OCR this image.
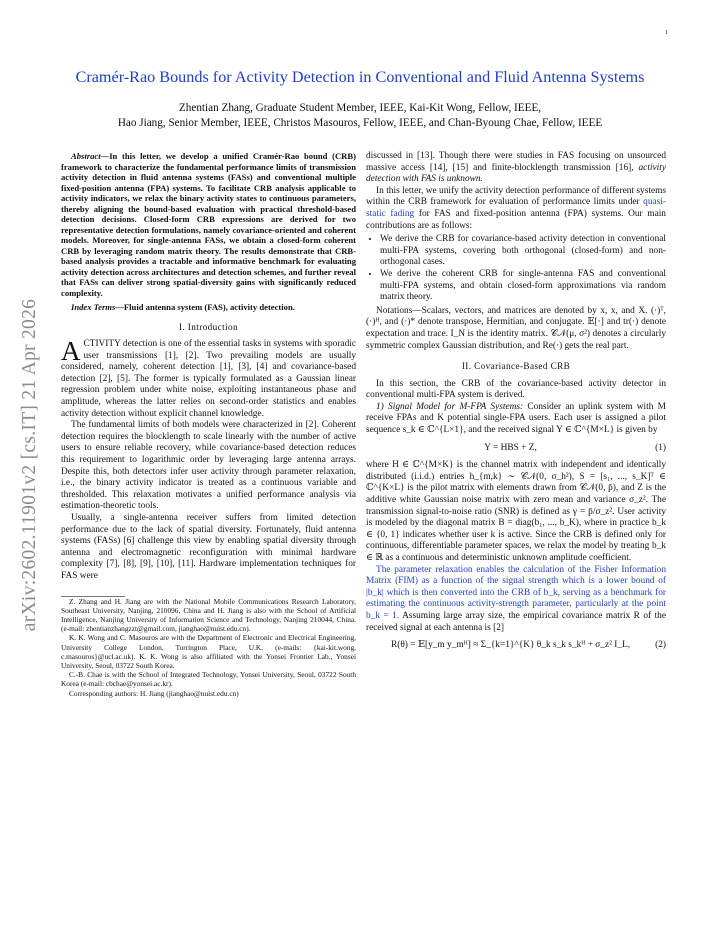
1
arXiv:2602.11901v2 [cs.IT] 21 Apr 2026
Cramér-Rao Bounds for Activity Detection in Conventional and Fluid Antenna Systems
Zhentian Zhang, Graduate Student Member, IEEE, Kai-Kit Wong, Fellow, IEEE,
Hao Jiang, Senior Member, IEEE, Christos Masouros, Fellow, IEEE, and Chan-Byoung Chae, Fellow, IEEE

Abstract—In this letter, we develop a unified Cramér-Rao bound (CRB) framework to characterize the fundamental performance limits of transmission activity detection in fluid antenna systems (FASs) and conventional multiple fixed-position antenna (FPA) systems. To facilitate CRB analysis applicable to activity indicators, we relax the binary activity states to continuous parameters, thereby aligning the bound-based evaluation with practical threshold-based detection decisions. Closed-form CRB expressions are derived for two representative detection formulations, namely covariance-oriented and coherent models. Moreover, for single-antenna FASs, we obtain a closed-form coherent CRB by leveraging random matrix theory. The results demonstrate that CRB-based analysis provides a tractable and informative benchmark for evaluating activity detection across architectures and detection schemes, and further reveal that FASs can deliver strong spatial-diversity gains with significantly reduced complexity.

Index Terms—Fluid antenna system (FAS), activity detection.

I. Introduction

ACTIVITY detection is one of the essential tasks in systems with sporadic user transmissions [1], [2]. Two prevailing models are usually considered, namely, coherent detection [1], [3], [4] and covariance-based detection [2], [5]. The former is typically formulated as a Gaussian linear regression problem under white noise, exploiting instantaneous phase and amplitude, whereas the latter relies on second-order statistics and enables activity detection without explicit channel knowledge.

The fundamental limits of both models were characterized in [2]. Coherent detection requires the blocklength to scale linearly with the number of active users to ensure reliable recovery, while covariance-based detection reduces this requirement to logarithmic order by leveraging large antenna arrays. Despite this, both detectors infer user activity through parameter relaxation, i.e., the binary activity indicator is treated as a continuous variable and thresholded. This relaxation motivates a unified performance analysis via estimation-theoretic tools.

Usually, a single-antenna receiver suffers from limited detection performance due to the lack of spatial diversity. Fortunately, fluid antenna systems (FASs) [6] challenge this view by enabling spatial diversity through antenna and electromagnetic reconfiguration with minimal hardware complexity [7], [8], [9], [10], [11]. Hardware implementation techniques for FAS were

Z. Zhang and H. Jiang are with the National Mobile Communications Research Laboratory, Southeast University, Nanjing, 210096, China and H. Jiang is also with the School of Artificial Intelligence, Nanjing University of Information Science and Technology, Nanjing 210044, China. (e-mail: zhentianzhangzzt@gmail.com, jianghao@nuist.edu.cn).

K. K. Wong and C. Masouros are with the Department of Electronic and Electrical Engineering, University College London, Torrington Place, U.K. (e-mails: {kai-kit.wong, c.masouros}@ucl.ac.uk). K. K. Wong is also affiliated with the Yonsei Frontier Lab., Yonsei University, Seoul, 03722 South Korea.

C.-B. Chae is with the School of Integrated Technology, Yonsei University, Seoul, 03722 South Korea (e-mail: cbchae@yonsei.ac.kr).

Corresponding authors: H. Jiang (jianghao@nuist.edu.cn)

discussed in [13]. Though there were studies in FAS focusing on unsourced massive access [14], [15] and finite-blocklength transmission [16], activity detection with FAS is unknown.

In this letter, we unify the activity detection performance of different systems within the CRB framework for evaluation of performance limits under quasi-static fading for FAS and fixed-position antenna (FPA) systems. Our main contributions are as follows:

• We derive the CRB for covariance-based activity detection in conventional multi-FPA systems, covering both orthogonal (closed-form) and non-orthogonal cases.
• We derive the coherent CRB for single-antenna FAS and conventional multi-FPA systems, and obtain closed-form approximations via random matrix theory.

Notations—Scalars, vectors, and matrices are denoted by x, x, and X. (·)ᵀ, (·)ᴴ, and (·)* denote transpose, Hermitian, and conjugate. 𝔼[·] and tr(·) denote expectation and trace. I_N is the identity matrix. 𝒞𝒩(μ, σ²) denotes a circularly symmetric complex Gaussian distribution, and Re(·) gets the real part.

II. Covariance-Based CRB

In this section, the CRB of the covariance-based activity detector in conventional multi-FPA system is derived.

1) Signal Model for M-FPA Systems: Consider an uplink system with M receive FPAs and K potential single-FPA users. Each user is assigned a pilot sequence s_k ∈ ℂ^{L×1}, and the received signal Y ∈ ℂ^{M×L} is given by

Y = HBS + Z,	(1)

where H ∈ ℂ^{M×K} is the channel matrix with independent and identically distributed (i.i.d.) entries h_{m,k} ∼ 𝒞𝒩(0, σ_h²), S = [s₁, ..., s_K]ᵀ ∈ ℂ^{K×L} is the pilot matrix with elements drawn from 𝒞𝒩(0, p̄), and Z is the additive white Gaussian noise matrix with zero mean and variance σ_z². The transmission signal-to-noise ratio (SNR) is defined as γ = p̄/σ_z². User activity is modeled by the diagonal matrix B = diag(b₁, ..., b_K), where in practice b_k ∈ {0, 1} indicates whether user k is active. Since the CRB is defined only for continuous, differentiable parameter spaces, we relax the model by treating b_k ∈ ℝ as a continuous and deterministic unknown amplitude coefficient.

The parameter relaxation enables the calculation of the Fisher Information Matrix (FIM) as a function of the signal strength which is a lower bound of |b_k| which is then converted into the CRB of b_k, serving as a benchmark for estimating the continuous activity-strength parameter, particularly at the point b_k = 1. Assuming large array size, the empirical covariance matrix R of the received signal at each antenna is [2]

R(θ) = 𝔼[y_m y_mᴴ] ≈ Σ_{k=1}^{K} θ_k s_k s_kᴴ + σ_z² I_L,	(2)
